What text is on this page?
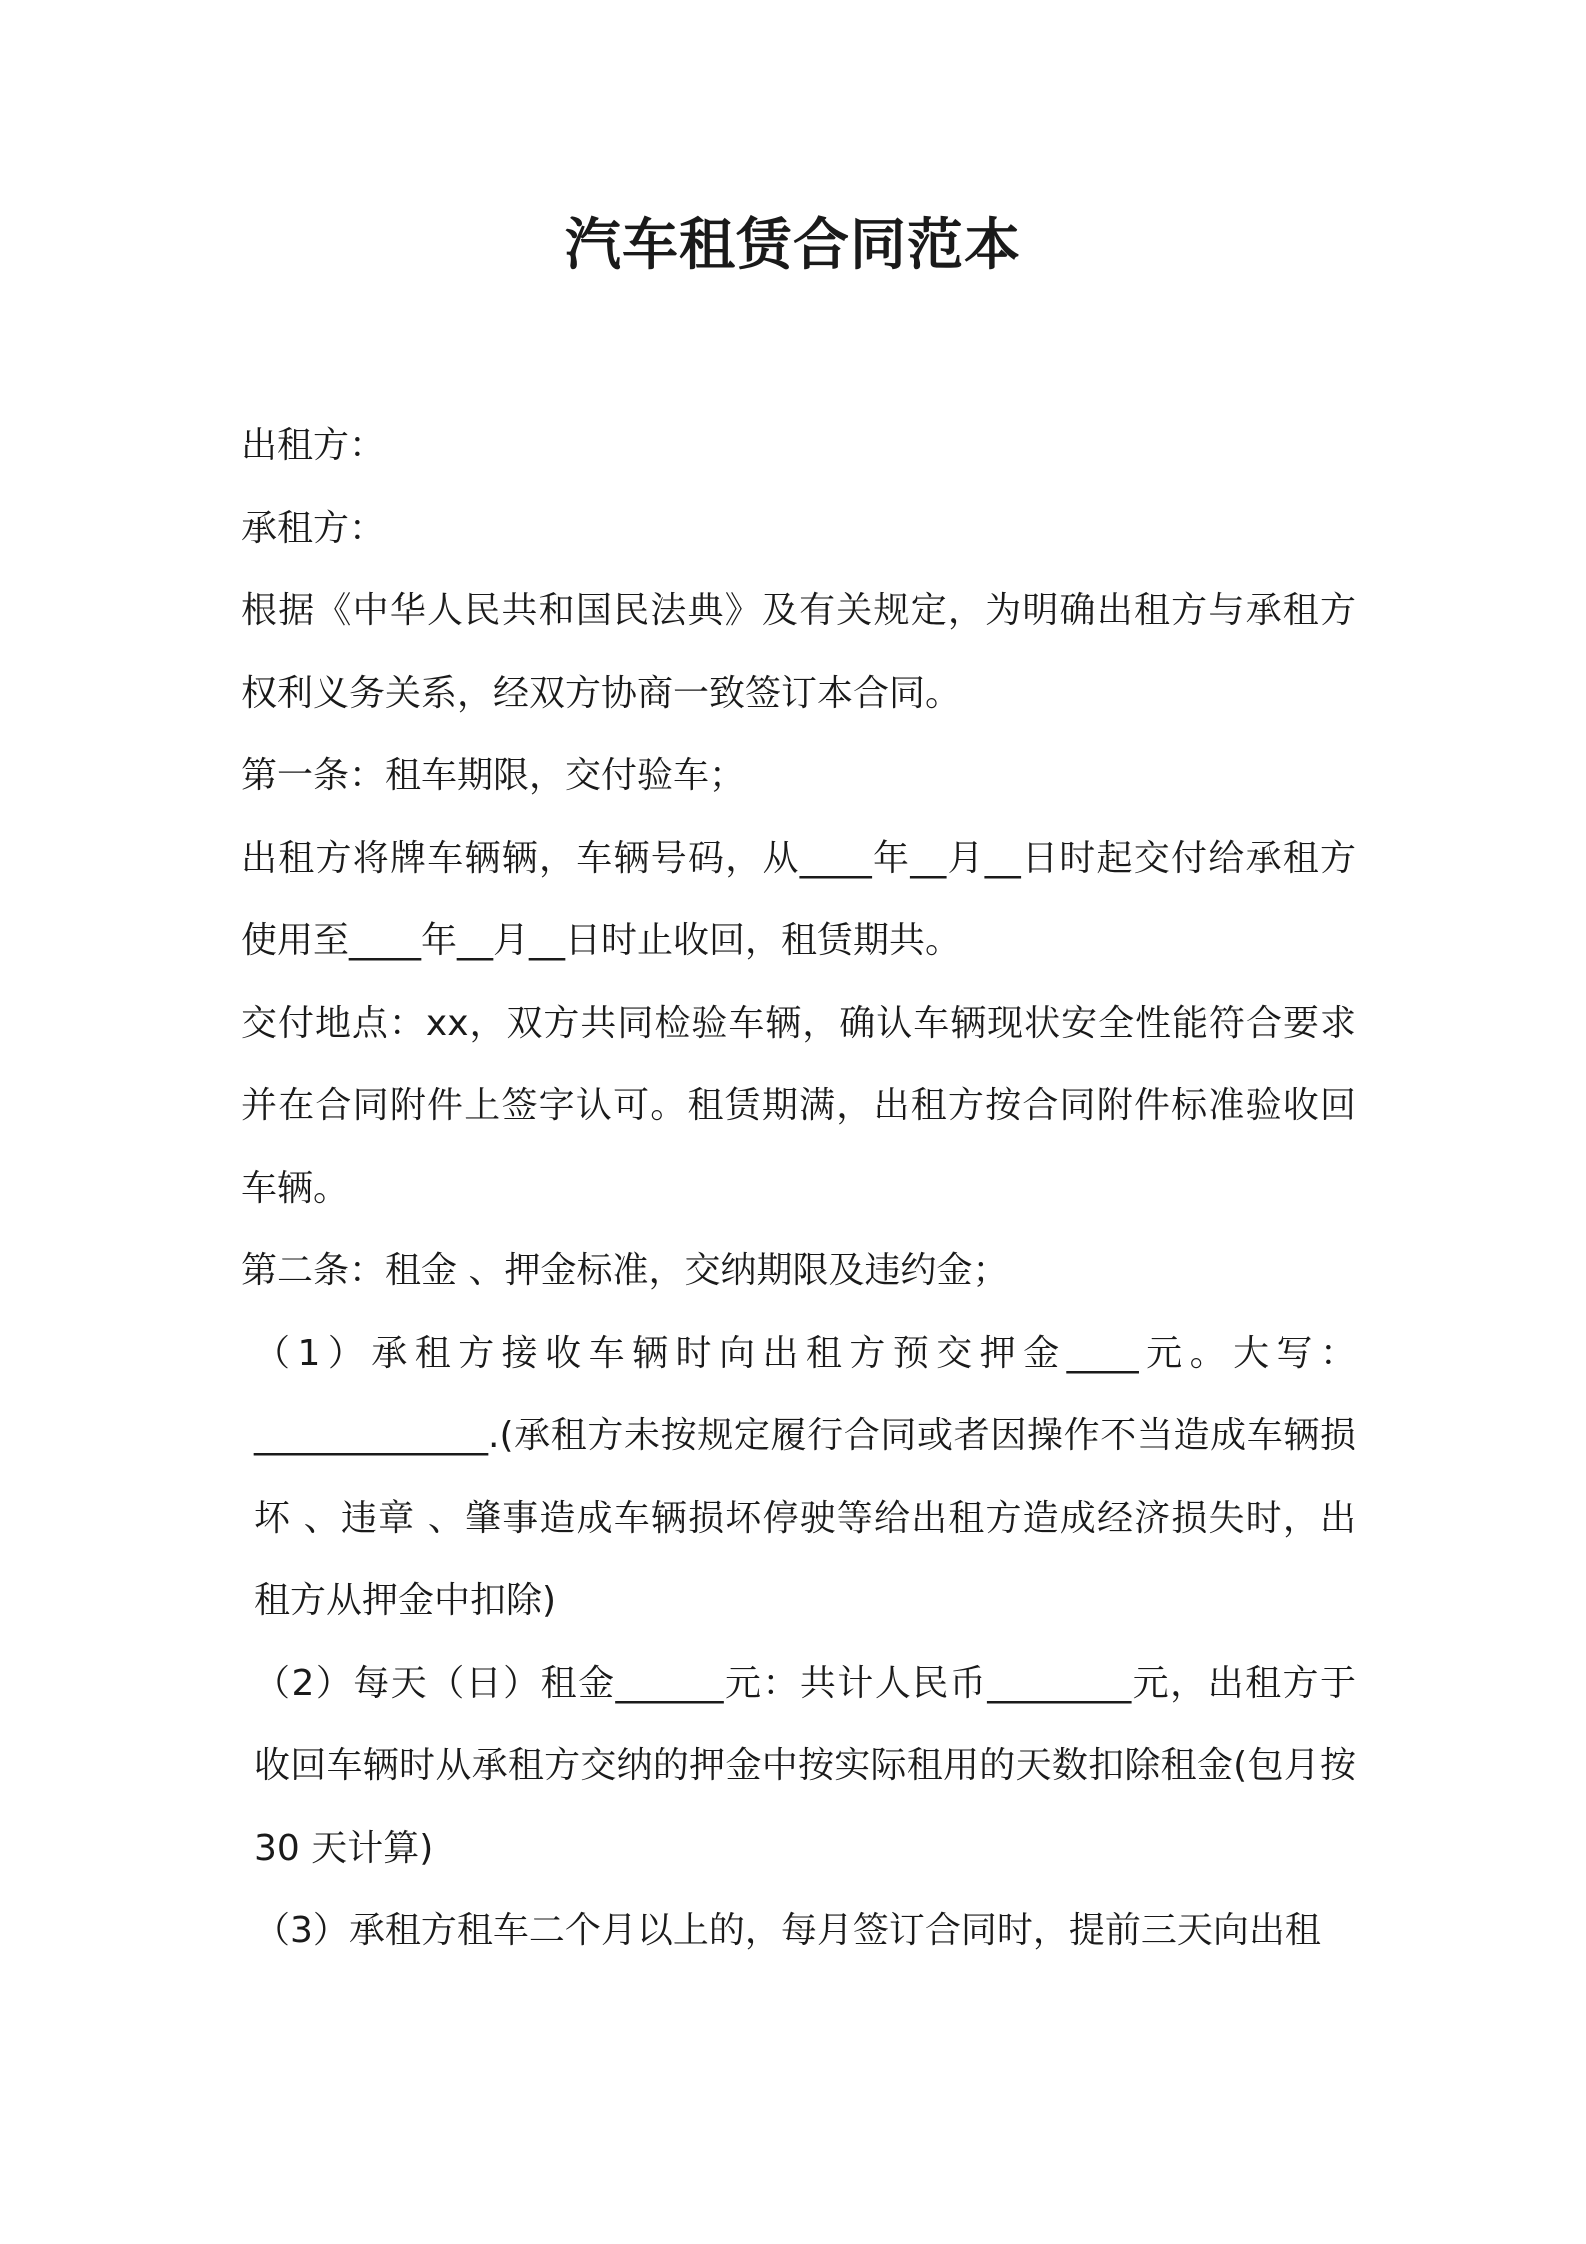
汽车租赁合同范本

出租方：

承租方：

根据《中华人民共和国民法典》及有关规定，为明确出租方与承租方权利义务关系，经双方协商一致签订本合同。

第一条：租车期限，交付验车；

出租方将牌车辆辆，车辆号码，从____年__月__日时起交付给承租方使用至____年__月__日时止收回，租赁期共。

交付地点：xx，双方共同检验车辆，确认车辆现状安全性能符合要求并在合同附件上签字认可。租赁期满，出租方按合同附件标准验收回车辆。

第二条：租金 、押金标准，交纳期限及违约金；

（1）承租方接收车辆时向出租方预交押金____元。大写：_____________.(承租方未按规定履行合同或者因操作不当造成车辆损坏 、违章 、肇事造成车辆损坏停驶等给出租方造成经济损失时，出租方从押金中扣除)

（2）每天（日）租金______元：共计人民币________元，出租方于收回车辆时从承租方交纳的押金中按实际租用的天数扣除租金(包月按 30 天计算)

（3）承租方租车二个月以上的，每月签订合同时，提前三天向出租
